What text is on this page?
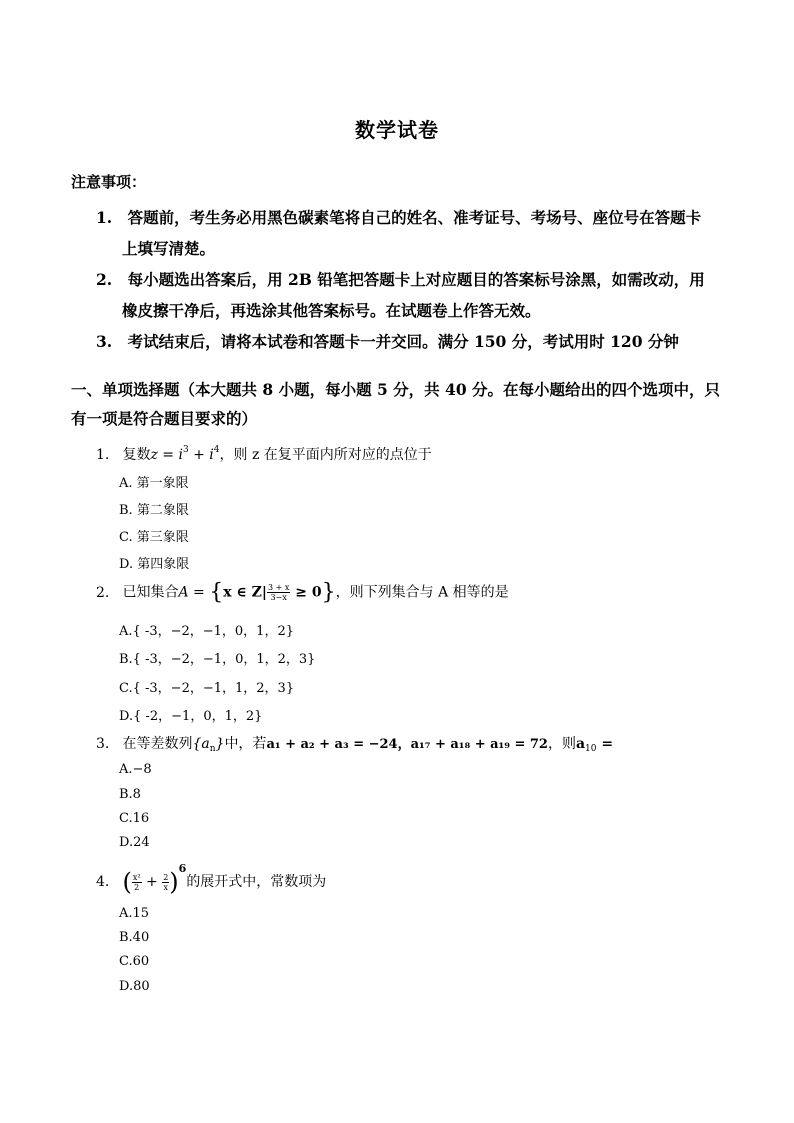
数学试卷
注意事项：
1. 答题前，考生务必用黑色碳素笔将自己的姓名、准考证号、考场号、座位号在答题卡
上填写清楚。
2. 每小题选出答案后，用 2B 铅笔把答题卡上对应题目的答案标号涂黑，如需改动，用
橡皮擦干净后，再选涂其他答案标号。在试题卷上作答无效。
3. 考试结束后，请将本试卷和答题卡一并交回。满分 150 分，考试用时 120 分钟
一、单项选择题（本大题共 8 小题，每小题 5 分，共 40 分。在每小题给出的四个选项中，只
有一项是符合题目要求的）
1. 复数$z = i^3 + i^4$，则 z 在复平面内所对应的点位于
A. 第一象限
B. 第二象限
C. 第三象限
D. 第四象限
2. 已知集合A = {x ∈ $Z| \frac{3 + x}{3-x} \ge 0$}，则下列集合与 A 相等的是
A.{ -3，−2，−1，0，1，2}
B.{ -3，−2，−1，0，1，2，3}
C.{ -3，−2，−1，1，2，3}
D.{ -2，−1，0，1，2}
3. 在等差数列$\{a_n\}$中，若a₁ + a₂ + a₃ = −24，a₁₇ + a₁₈ + a₁₉ = 72，则$a_{10}$ =
A.−8
B.8
C.16
D.24
4. ( $\frac{\text{x²}}{2} + \frac{2}{x} )^6$的展开式中，常数项为
A.15
B.40
C.60
D.80
